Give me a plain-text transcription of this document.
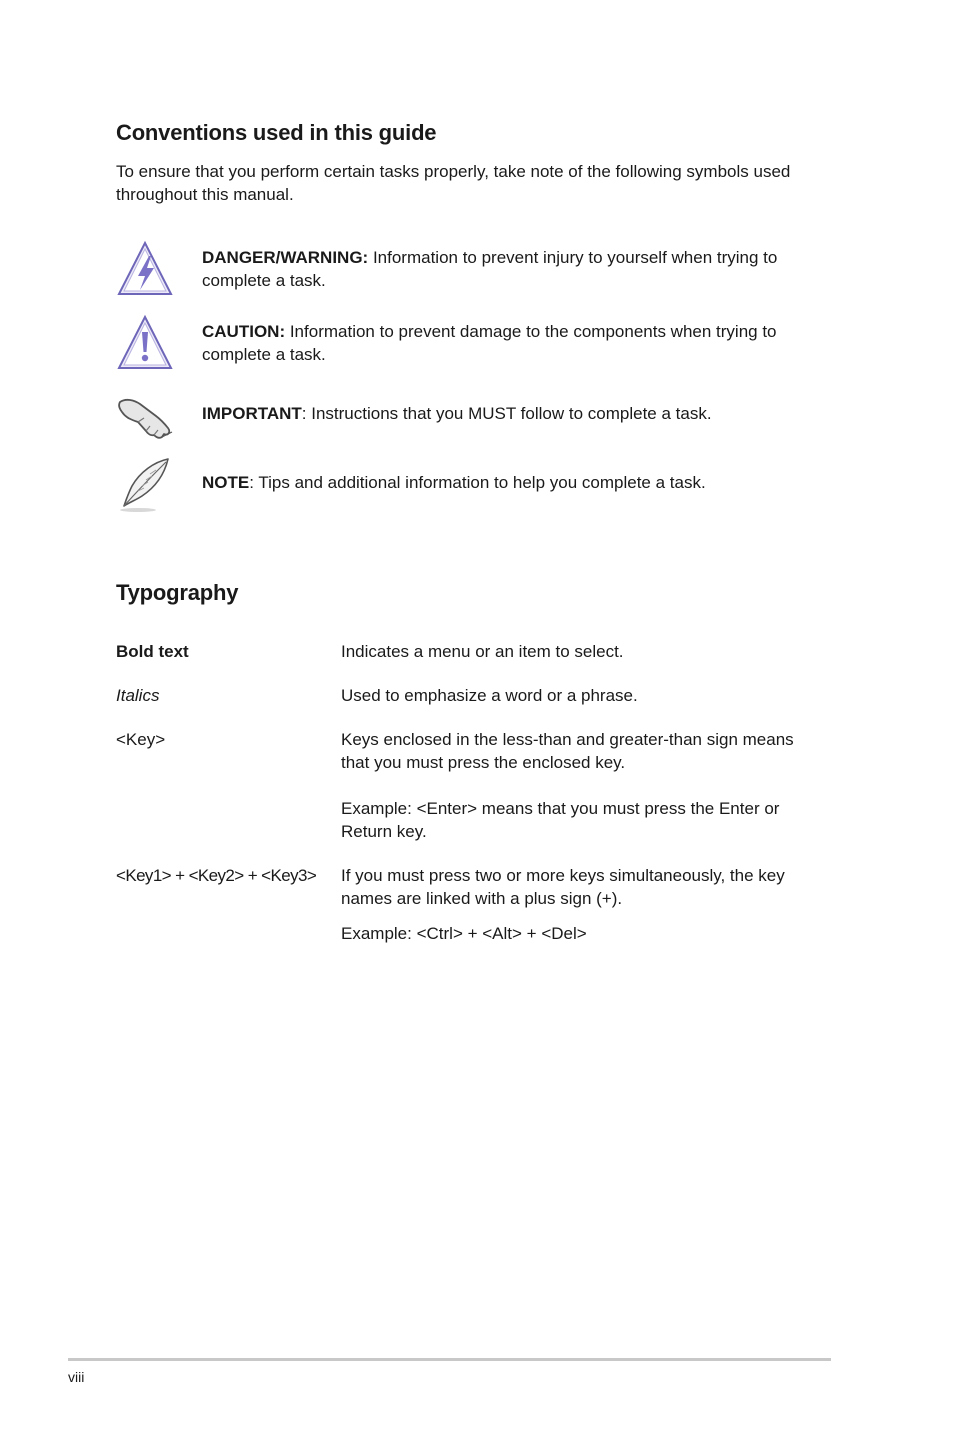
Conventions used in this guide

To ensure that you perform certain tasks properly, take note of the following symbols used throughout this manual.

DANGER/WARNING: Information to prevent injury to yourself when trying to complete a task.

CAUTION: Information to prevent damage to the components when trying to complete a task.

IMPORTANT: Instructions that you MUST follow to complete a task.

NOTE: Tips and additional information to help you complete a task.

Typography
Bold text	Indicates a menu or an item to select.

Italics	Used to emphasize a word or a phrase.

<Key>	Keys enclosed in the less-than and greater-than sign means that you must press the enclosed key.

Example: <Enter> means that you must press the Enter or Return key.

<Key1> + <Key2> + <Key3>	If you must press two or more keys simultaneously, the key names are linked with a plus sign (+).

Example: <Ctrl> + <Alt> + <Del>

viii
